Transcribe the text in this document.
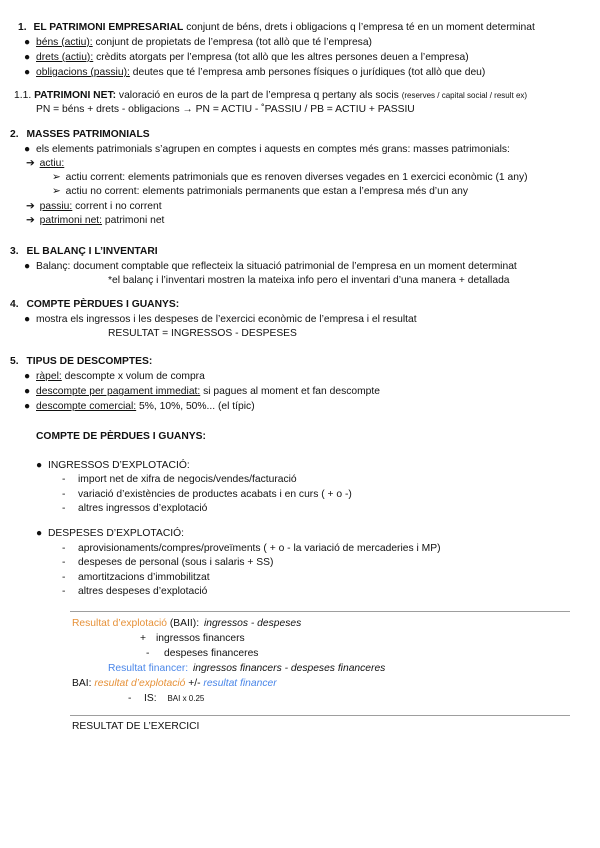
1. EL PATRIMONI EMPRESARIAL conjunt de béns, drets i obligacions q l’empresa té en un moment determinat
● béns (actiu): conjunt de propietats de l’empresa (tot allò que té l’empresa)
● drets (actiu): crèdits atorgats per l’empresa (tot allò que les altres persones deuen a l’empresa)
● obligacions (passiu): deutes que té l’empresa amb persones físiques o jurídiques (tot allò que deu)
1.1. PATRIMONI NET: valoració en euros de la part de l’empresa q pertany als socis (reserves / capital social / result ex)
PN = béns + drets - obligacions → PN = ACTIU - ˚PASSIU / PB = ACTIU + PASSIU
2. MASSES PATRIMONIALS
● els elements patrimonials s’agrupen en comptes i aquests en comptes més grans: masses patrimonials:
➔ actiu:
➢ actiu corrent: elements patrimonials que es renoven diverses vegades en 1 exercici econòmic (1 any)
➢ actiu no corrent: elements patrimonials permanents que estan a l’empresa més d’un any
➔ passiu: corrent i no corrent
➔ patrimoni net: patrimoni net
3. EL BALANÇ I L’INVENTARI
● Balanç: document comptable que reflecteix la situació patrimonial de l’empresa en un moment determinat
*el balanç i l’inventari mostren la mateixa info pero el inventari d’una manera + detallada
4. COMPTE PÈRDUES I GUANYS:
● mostra els ingressos i les despeses de l’exercici econòmic de l’empresa i el resultat
RESULTAT = INGRESSOS - DESPESES
5. TIPUS DE DESCOMPTES:
● ràpel: descompte x volum de compra
● descompte per pagament immediat: si pagues al moment et fan descompte
● descompte comercial: 5%, 10%, 50%... (el típic)
COMPTE DE PÈRDUES I GUANYS:
● INGRESSOS D’EXPLOTACIÓ:
- import net de xifra de negocis/vendes/facturació
- variació d’existències de productes acabats i en curs ( + o -)
- altres ingressos d’explotació
● DESPESES D’EXPLOTACIÓ:
- aprovisionaments/compres/proveïments ( + o - la variació de mercaderies i MP)
- despeses de personal (sous i salaris + SS)
- amortitzacions d’immobilitzat
- altres despeses d’explotació
Resultat d’explotació (BAII): ingressos - despeses
+ ingressos financers
- despeses financeres
Resultat financer: ingressos financers - despeses financeres
BAI: resultat d’explotació +/- resultat financer
- IS: BAI x 0.25
RESULTAT DE L’EXERCICI
